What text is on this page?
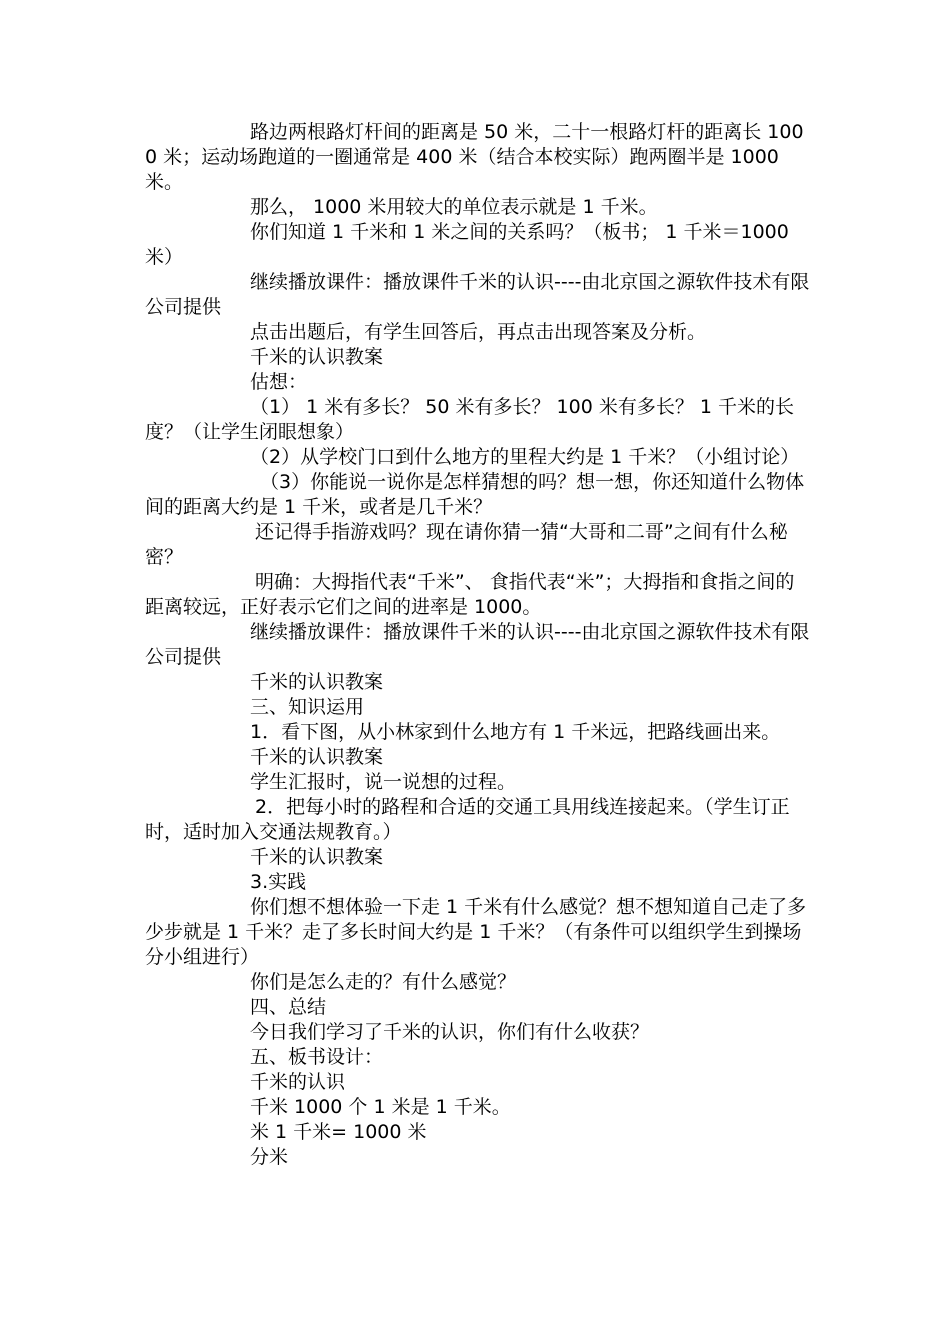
路边两根路灯杆间的距离是 50 米，二十一根路灯杆的距离长 1000 米；运动场跑道的一圈通常是 400 米（结合本校实际）跑两圈半是 1000 米。

那么， 1000 米用较大的单位表示就是 1 千米。

你们知道 1 千米和 1 米之间的关系吗？（板书； 1 千米＝1000 米）

继续播放课件：播放课件千米的认识----由北京国之源软件技术有限公司提供

点击出题后，有学生回答后，再点击出现答案及分析。

千米的认识教案

估想：

（1） 1 米有多长？ 50 米有多长？ 100 米有多长？ 1 千米的长度？（让学生闭眼想象）

（2）从学校门口到什么地方的里程大约是 1 千米？（小组讨论）

（3）你能说一说你是怎样猜想的吗？想一想，你还知道什么物体间的距离大约是 1 千米，或者是几千米？

还记得手指游戏吗？现在请你猜一猜“大哥和二哥”之间有什么秘密？

明确：大拇指代表“千米”、 食指代表“米”；大拇指和食指之间的距离较远，正好表示它们之间的进率是 1000。

继续播放课件：播放课件千米的认识----由北京国之源软件技术有限公司提供

千米的认识教案

三、知识运用

1．看下图，从小林家到什么地方有 1 千米远，把路线画出来。

千米的认识教案

学生汇报时，说一说想的过程。

2．把每小时的路程和合适的交通工具用线连接起来。（学生订正时，适时加入交通法规教育。）

千米的认识教案

3.实践

你们想不想体验一下走 1 千米有什么感觉？想不想知道自己走了多少步就是 1 千米？走了多长时间大约是 1 千米？（有条件可以组织学生到操场分小组进行）

你们是怎么走的？有什么感觉？

四、总结

今日我们学习了千米的认识，你们有什么收获？

五、板书设计：

千米的认识

千米 1000 个 1 米是 1 千米。

米 1 千米= 1000 米

分米
